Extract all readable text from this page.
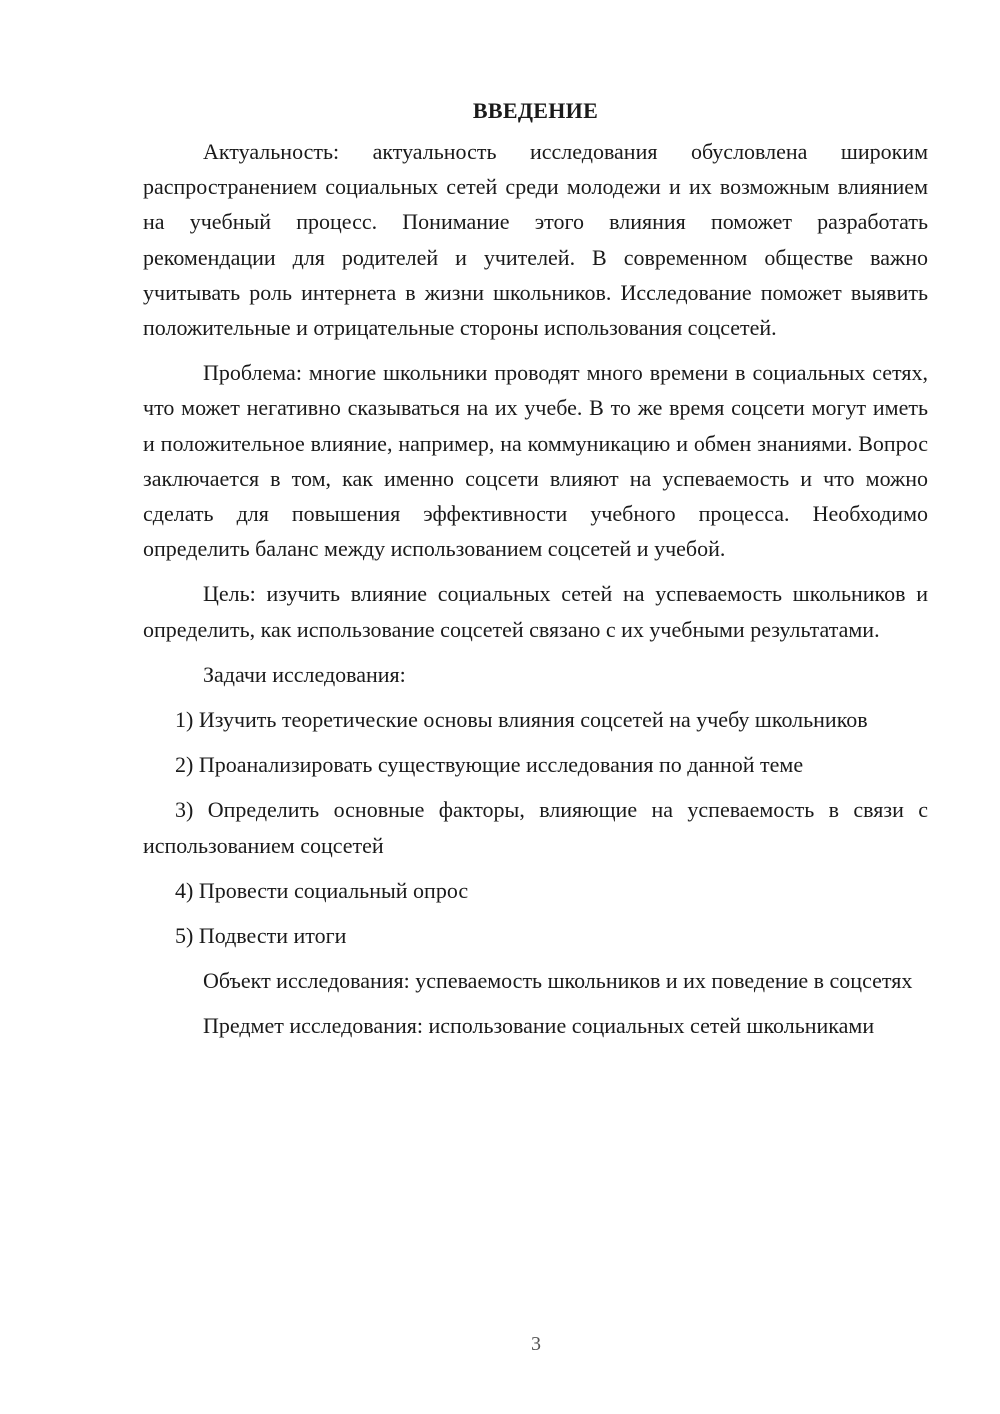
ВВЕДЕНИЕ

Актуальность: актуальность исследования обусловлена широким распространением социальных сетей среди молодежи и их возможным влиянием на учебный процесс. Понимание этого влияния поможет разработать рекомендации для родителей и учителей. В современном обществе важно учитывать роль интернета в жизни школьников. Исследование поможет выявить положительные и отрицательные стороны использования соцсетей.

Проблема: многие школьники проводят много времени в социальных сетях, что может негативно сказываться на их учебе. В то же время соцсети могут иметь и положительное влияние, например, на коммуникацию и обмен знаниями. Вопрос заключается в том, как именно соцсети влияют на успеваемость и что можно сделать для повышения эффективности учебного процесса. Необходимо определить баланс между использованием соцсетей и учебой.

Цель: изучить влияние социальных сетей на успеваемость школьников и определить, как использование соцсетей связано с их учебными результатами.

Задачи исследования:

1) Изучить теоретические основы влияния соцсетей на учебу школьников

2) Проанализировать существующие исследования по данной теме

3) Определить основные факторы, влияющие на успеваемость в связи с использованием соцсетей

4) Провести социальный опрос

5) Подвести итоги

Объект исследования: успеваемость школьников и их поведение в соцсетях

Предмет исследования: использование социальных сетей школьниками

3
